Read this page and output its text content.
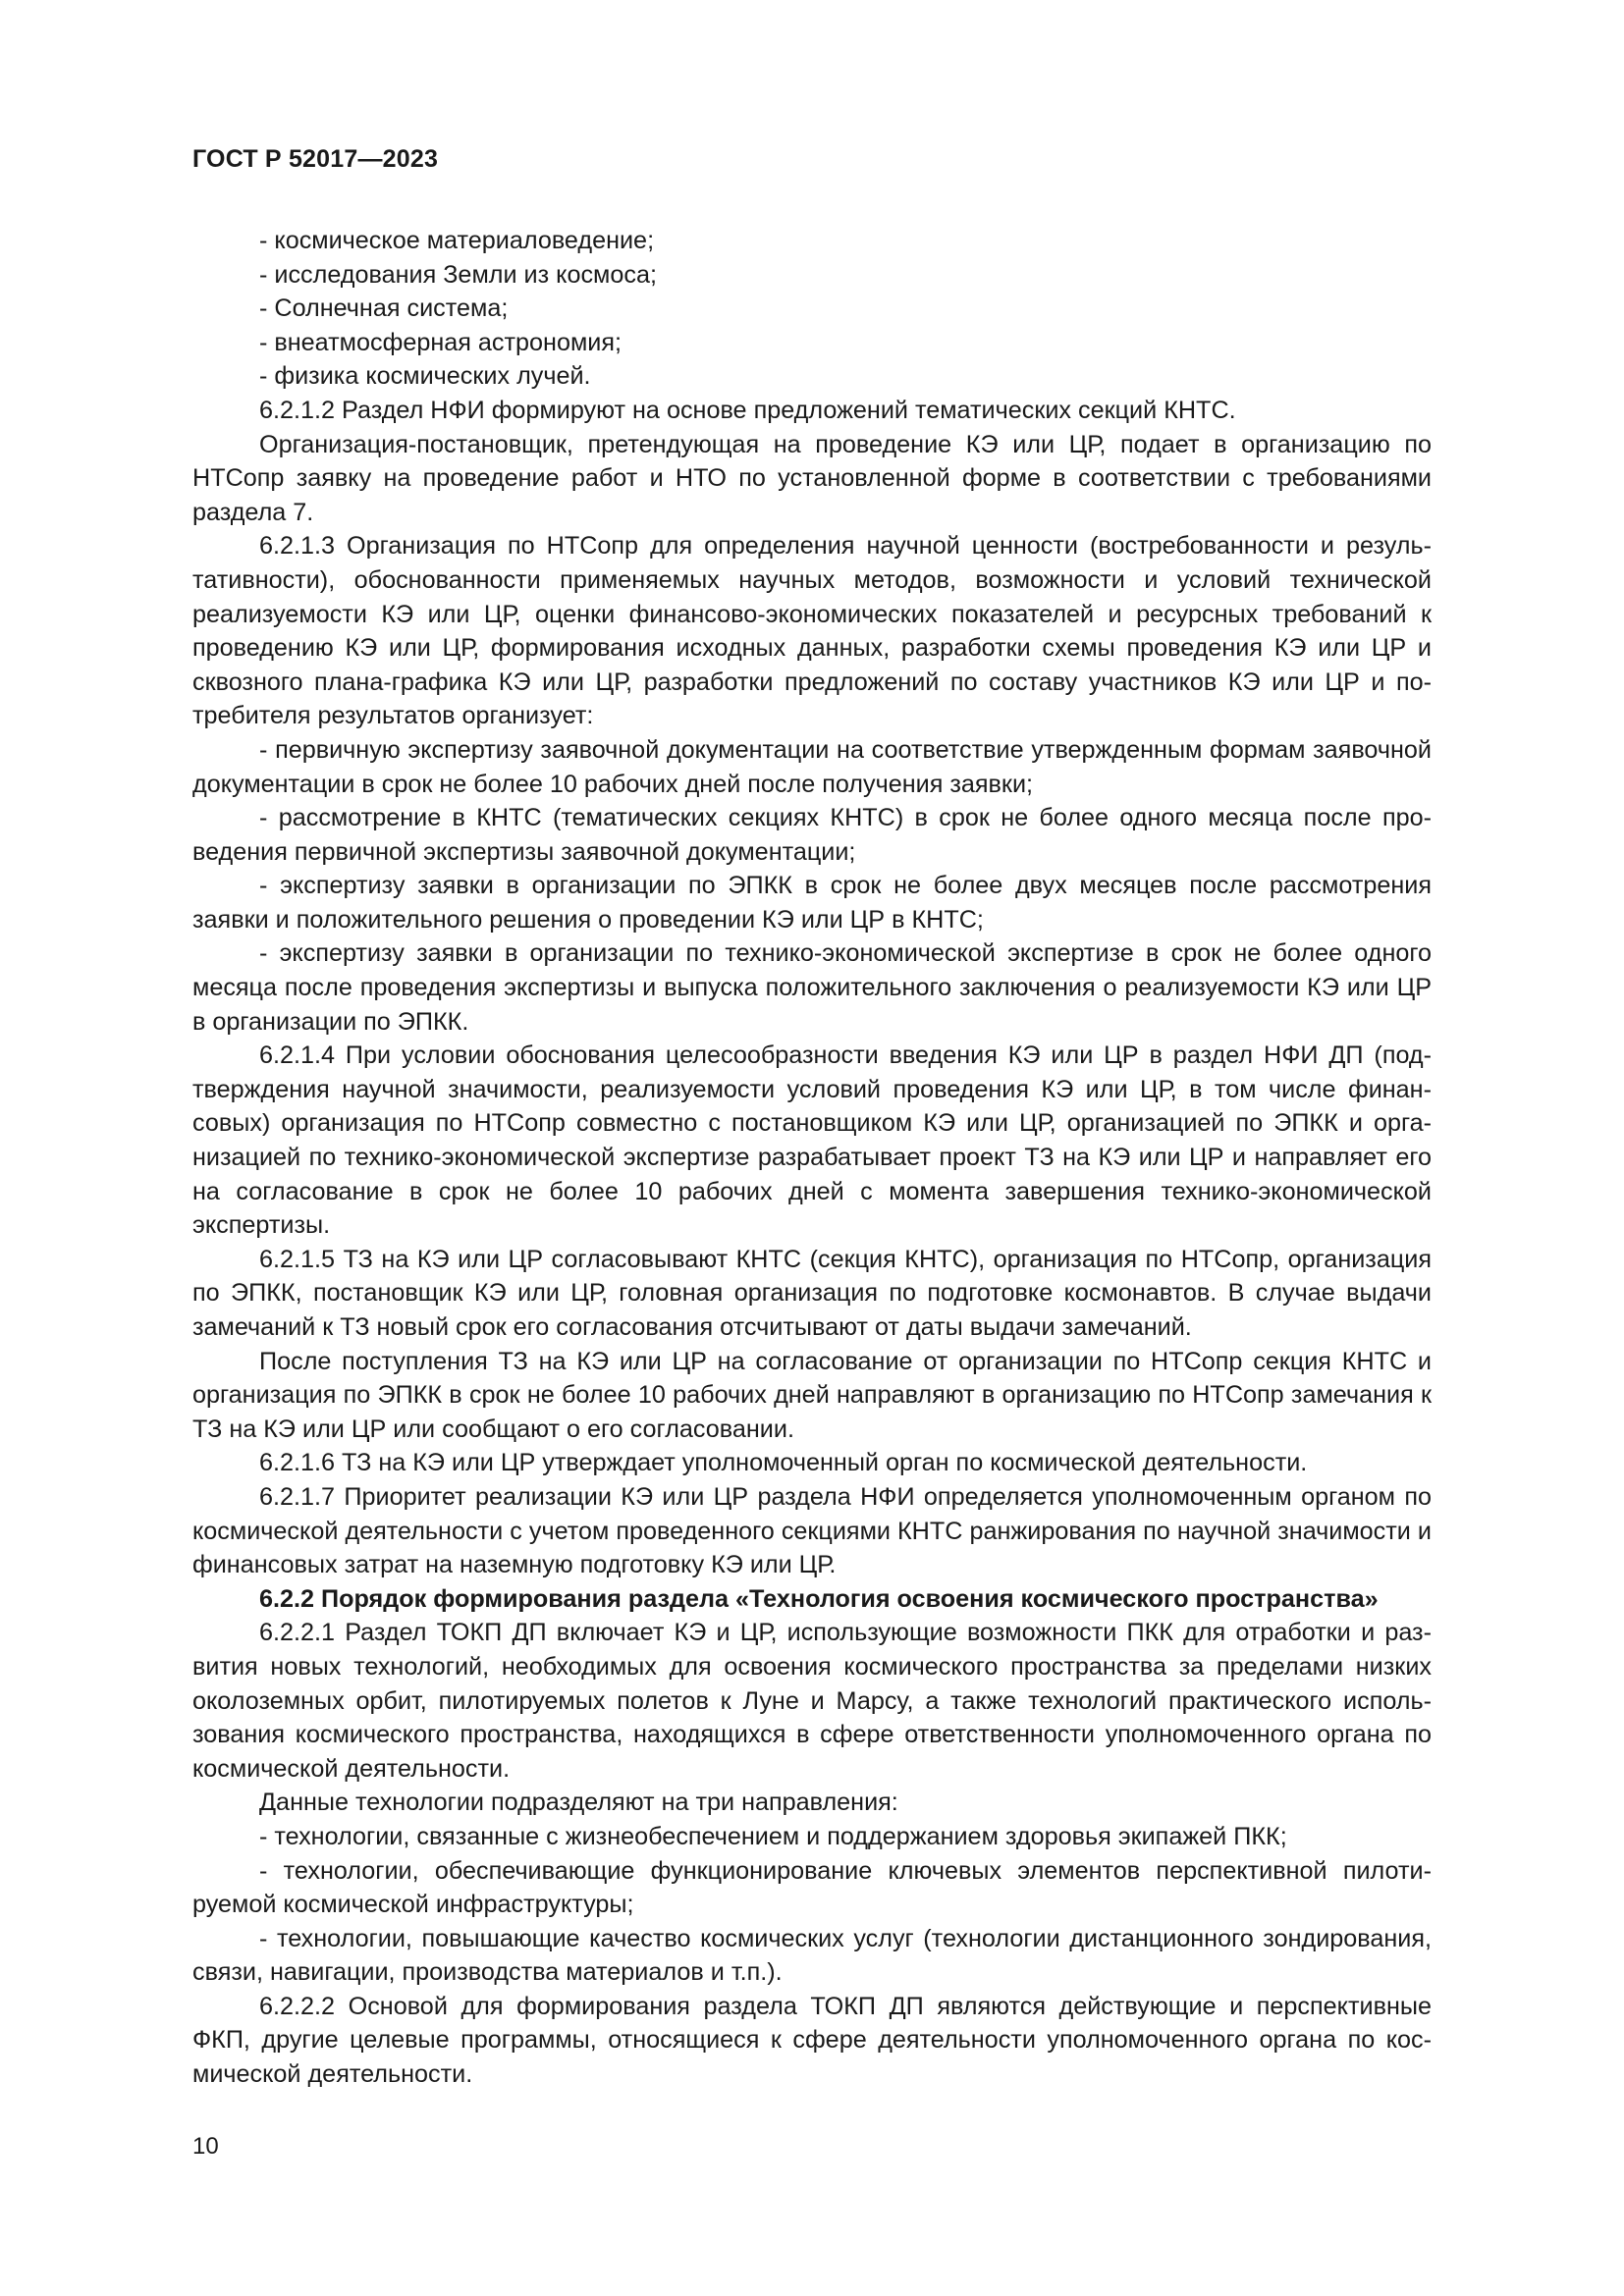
ГОСТ Р 52017—2023

- космическое материаловедение;

- исследования Земли из космоса;

- Солнечная система;

- внеатмосферная астрономия;

- физика космических лучей.

6.2.1.2 Раздел НФИ формируют на основе предложений тематических секций КНТС.

Организация-постановщик, претендующая на проведение КЭ или ЦР, подает в организацию по НТСопр заявку на проведение работ и НТО по установленной форме в соответствии с требованиями раздела 7.

6.2.1.3 Организация по НТСопр для определения научной ценности (востребованности и результативности), обоснованности применяемых научных методов, возможности и условий технической реализуемости КЭ или ЦР, оценки финансово-экономических показателей и ресурсных требований к проведению КЭ или ЦР, формирования исходных данных, разработки схемы проведения КЭ или ЦР и сквозного плана-графика КЭ или ЦР, разработки предложений по составу участников КЭ или ЦР и потребителя результатов организует:

- первичную экспертизу заявочной документации на соответствие утвержденным формам заявочной документации в срок не более 10 рабочих дней после получения заявки;

- рассмотрение в КНТС (тематических секциях КНТС) в срок не более одного месяца после проведения первичной экспертизы заявочной документации;

- экспертизу заявки в организации по ЭПКК в срок не более двух месяцев после рассмотрения заявки и положительного решения о проведении КЭ или ЦР в КНТС;

- экспертизу заявки в организации по технико-экономической экспертизе в срок не более одного месяца после проведения экспертизы и выпуска положительного заключения о реализуемости КЭ или ЦР в организации по ЭПКК.

6.2.1.4 При условии обоснования целесообразности введения КЭ или ЦР в раздел НФИ ДП (подтверждения научной значимости, реализуемости условий проведения КЭ или ЦР, в том числе финансовых) организация по НТСопр совместно с постановщиком КЭ или ЦР, организацией по ЭПКК и организацией по технико-экономической экспертизе разрабатывает проект ТЗ на КЭ или ЦР и направляет его на согласование в срок не более 10 рабочих дней с момента завершения технико-экономической экспертизы.

6.2.1.5 ТЗ на КЭ или ЦР согласовывают КНТС (секция КНТС), организация по НТСопр, организация по ЭПКК, постановщик КЭ или ЦР, головная организация по подготовке космонавтов. В случае выдачи замечаний к ТЗ новый срок его согласования отсчитывают от даты выдачи замечаний.

После поступления ТЗ на КЭ или ЦР на согласование от организации по НТСопр секция КНТС и организация по ЭПКК в срок не более 10 рабочих дней направляют в организацию по НТСопр замечания к ТЗ на КЭ или ЦР или сообщают о его согласовании.

6.2.1.6 ТЗ на КЭ или ЦР утверждает уполномоченный орган по космической деятельности.

6.2.1.7 Приоритет реализации КЭ или ЦР раздела НФИ определяется уполномоченным органом по космической деятельности с учетом проведенного секциями КНТС ранжирования по научной значимости и финансовых затрат на наземную подготовку КЭ или ЦР.

6.2.2 Порядок формирования раздела «Технология освоения космического пространства»

6.2.2.1 Раздел ТОКП ДП включает КЭ и ЦР, использующие возможности ПКК для отработки и развития новых технологий, необходимых для освоения космического пространства за пределами низких околоземных орбит, пилотируемых полетов к Луне и Марсу, а также технологий практического использования космического пространства, находящихся в сфере ответственности уполномоченного органа по космической деятельности.

Данные технологии подразделяют на три направления:

- технологии, связанные с жизнеобеспечением и поддержанием здоровья экипажей ПКК;

- технологии, обеспечивающие функционирование ключевых элементов перспективной пилотируемой космической инфраструктуры;

- технологии, повышающие качество космических услуг (технологии дистанционного зондирования, связи, навигации, производства материалов и т.п.).

6.2.2.2 Основой для формирования раздела ТОКП ДП являются действующие и перспективные ФКП, другие целевые программы, относящиеся к сфере деятельности уполномоченного органа по космической деятельности.

10
